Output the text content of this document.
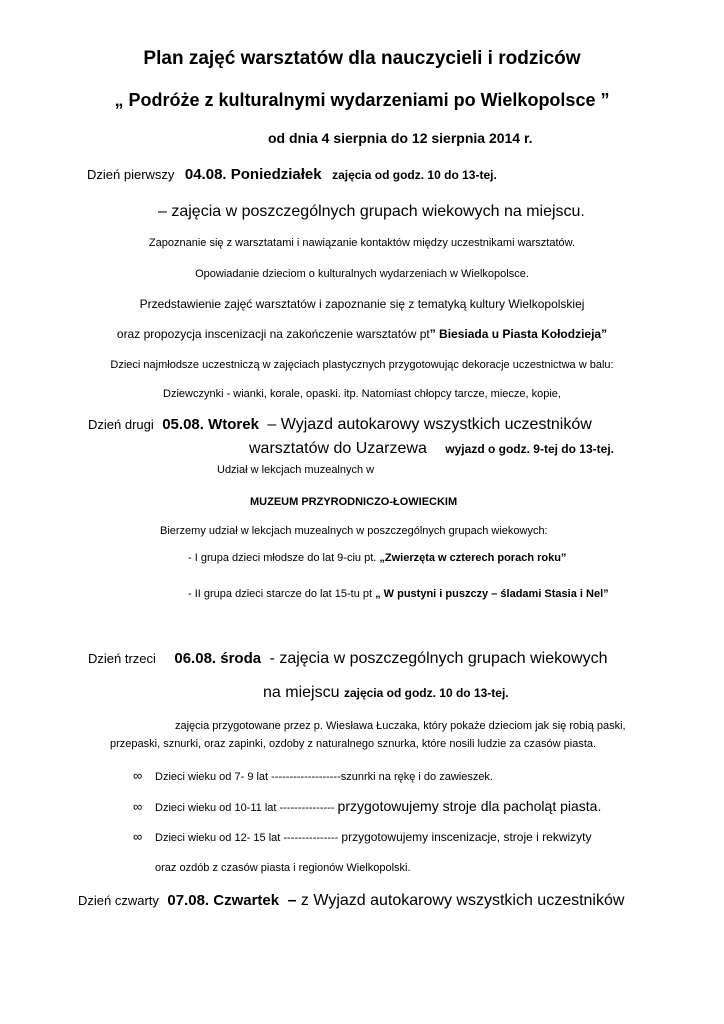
Plan zajęć warsztatów dla nauczycieli i rodziców
„ Podróże z kulturalnymi wydarzeniami po Wielkopolsce ”
od dnia 4 sierpnia do 12 sierpnia 2014 r.
Dzień pierwszy 04.08. Poniedziałek zajęcia od godz. 10 do 13-tej.
– zajęcia w poszczególnych grupach wiekowych na miejscu.
Zapoznanie się z warsztatami i nawiązanie kontaktów między uczestnikami warsztatów.
Opowiadanie dzieciom o kulturalnych wydarzeniach w Wielkopolsce.
Przedstawienie zajęć warsztatów i zapoznanie się z tematyką kultury Wielkopolskiej
oraz propozycja inscenizacji na zakończenie warsztatów pt” Biesiada u Piasta Kołodzieja”
Dzieci najmłodsze uczestniczą w zajęciach plastycznych przygotowując dekoracje uczestnictwa w balu:
Dziewczynki - wianki, korale, opaski. itp. Natomiast chłopcy tarcze, miecze, kopie,
Dzień drugi 05.08. Wtorek – Wyjazd autokarowy wszystkich uczestników
warsztatów do Uzarzewa wyjazd o godz. 9-tej do 13-tej.
Udział w lekcjach muzealnych w
MUZEUM PRZYRODNICZO-ŁOWIECKIM
Bierzemy udział w lekcjach muzealnych w poszczególnych grupach wiekowych:
- I grupa dzieci młodsze do lat 9-ciu pt. „Zwierzęta w czterech porach roku”
- II grupa dzieci starcze do lat 15-tu pt „ W pustyni i puszczy – śladami Stasia i Nel”
Dzień trzeci 06.08. środa - zajęcia w poszczególnych grupach wiekowych
na miejscu zajęcia od godz. 10 do 13-tej.
zajęcia przygotowane przez p. Wiesława Łuczaka, który pokaże dzieciom jak się robią paski,
przepaski, sznurki, oraz zapinki, ozdoby z naturalnego sznurka, które nosili ludzie za czasów piasta.
∞ Dzieci wieku od 7- 9 lat -------------------szunrki na rękę i do zawieszek.
∞ Dzieci wieku od 10-11 lat --------------- przygotowujemy stroje dla pacholąt piasta.
∞ Dzieci wieku od 12- 15 lat --------------- przygotowujemy inscenizacje, stroje i rekwizyty
oraz ozdób z czasów piasta i regionów Wielkopolski.
Dzień czwarty 07.08. Czwartek – z Wyjazd autokarowy wszystkich uczestników
